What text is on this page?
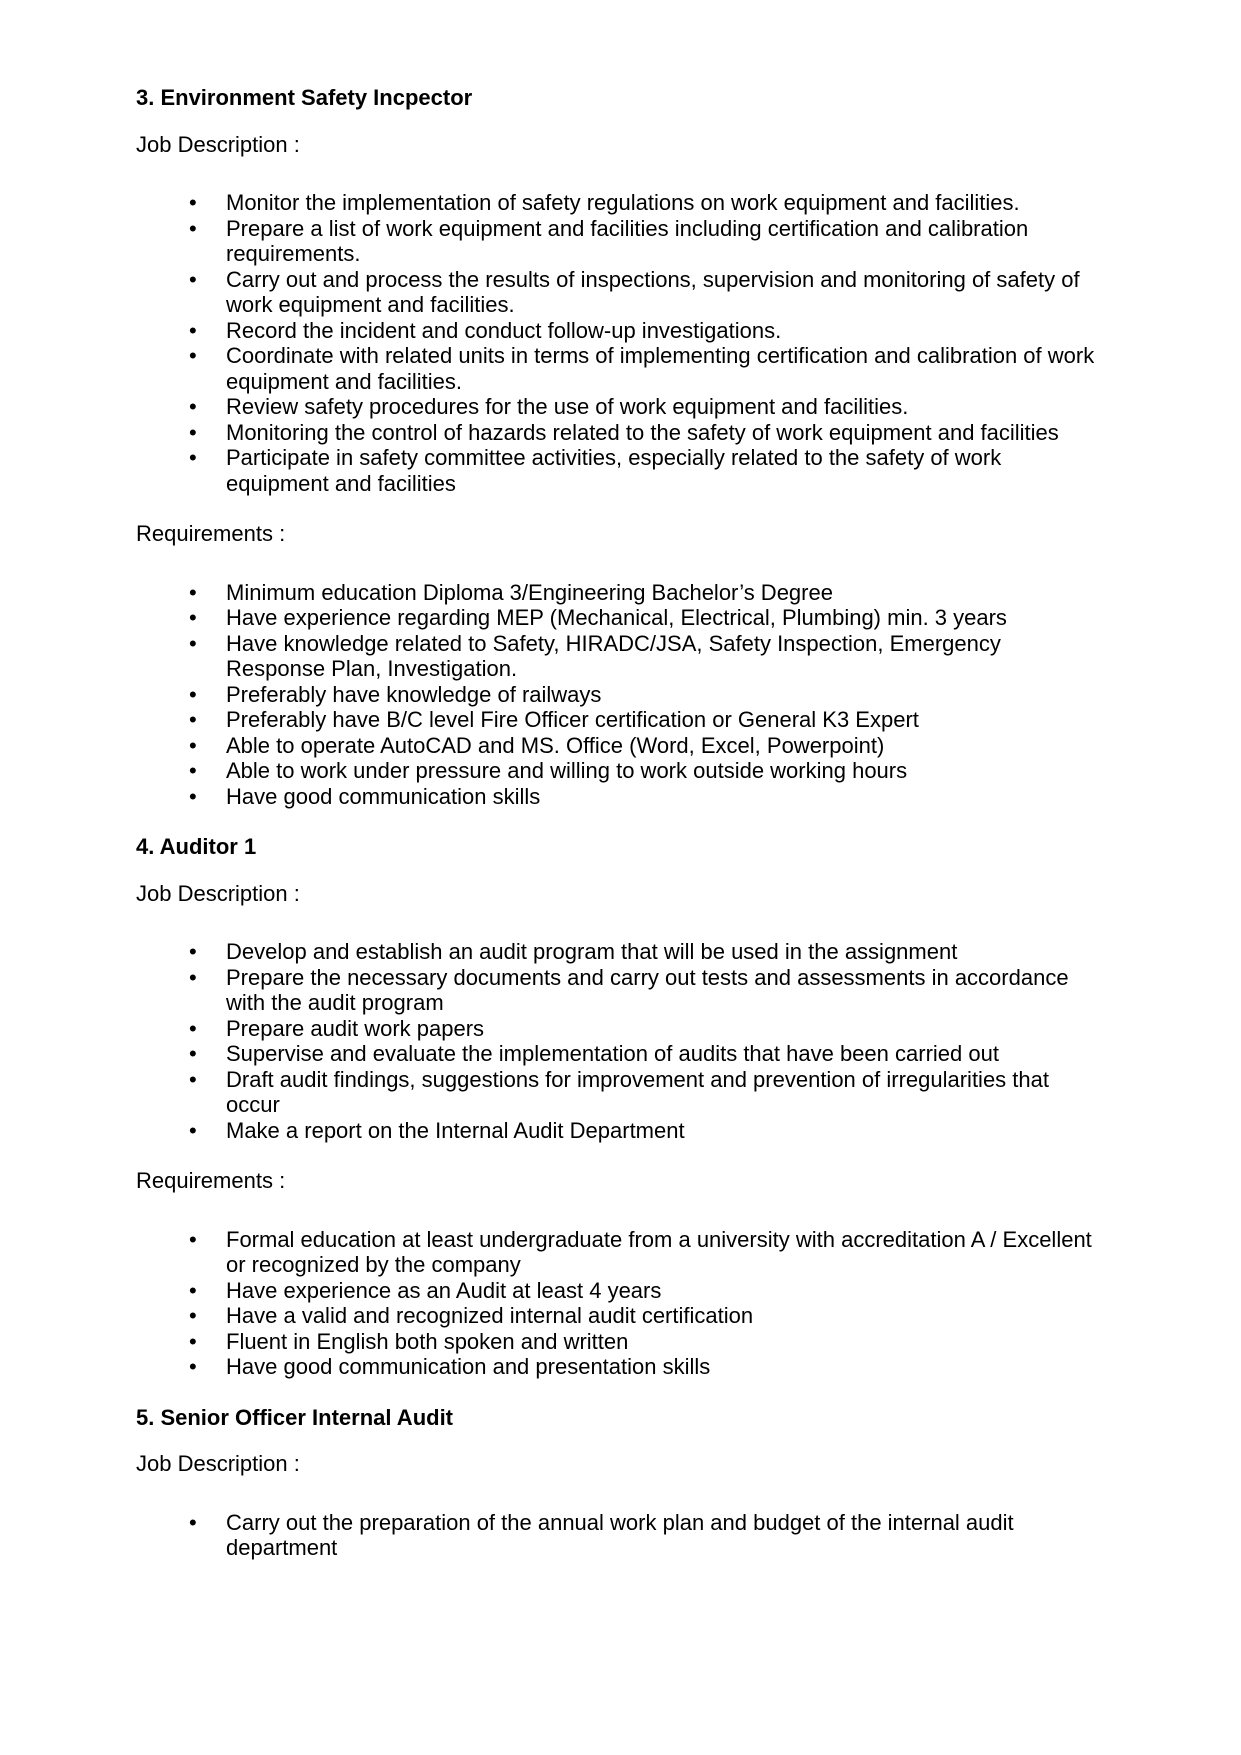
3. Environment Safety Incpector

Job Description :

• Monitor the implementation of safety regulations on work equipment and facilities.
• Prepare a list of work equipment and facilities including certification and calibration requirements.
• Carry out and process the results of inspections, supervision and monitoring of safety of work equipment and facilities.
• Record the incident and conduct follow-up investigations.
• Coordinate with related units in terms of implementing certification and calibration of work equipment and facilities.
• Review safety procedures for the use of work equipment and facilities.
• Monitoring the control of hazards related to the safety of work equipment and facilities
• Participate in safety committee activities, especially related to the safety of work equipment and facilities

Requirements :

• Minimum education Diploma 3/Engineering Bachelor’s Degree
• Have experience regarding MEP (Mechanical, Electrical, Plumbing) min. 3 years
• Have knowledge related to Safety, HIRADC/JSA, Safety Inspection, Emergency Response Plan, Investigation.
• Preferably have knowledge of railways
• Preferably have B/C level Fire Officer certification or General K3 Expert
• Able to operate AutoCAD and MS. Office (Word, Excel, Powerpoint)
• Able to work under pressure and willing to work outside working hours
• Have good communication skills
4. Auditor 1

Job Description :

• Develop and establish an audit program that will be used in the assignment
• Prepare the necessary documents and carry out tests and assessments in accordance with the audit program
• Prepare audit work papers
• Supervise and evaluate the implementation of audits that have been carried out
• Draft audit findings, suggestions for improvement and prevention of irregularities that occur
• Make a report on the Internal Audit Department

Requirements :

• Formal education at least undergraduate from a university with accreditation A / Excellent or recognized by the company
• Have experience as an Audit at least 4 years
• Have a valid and recognized internal audit certification
• Fluent in English both spoken and written
• Have good communication and presentation skills
5. Senior Officer Internal Audit

Job Description :

• Carry out the preparation of the annual work plan and budget of the internal audit department
